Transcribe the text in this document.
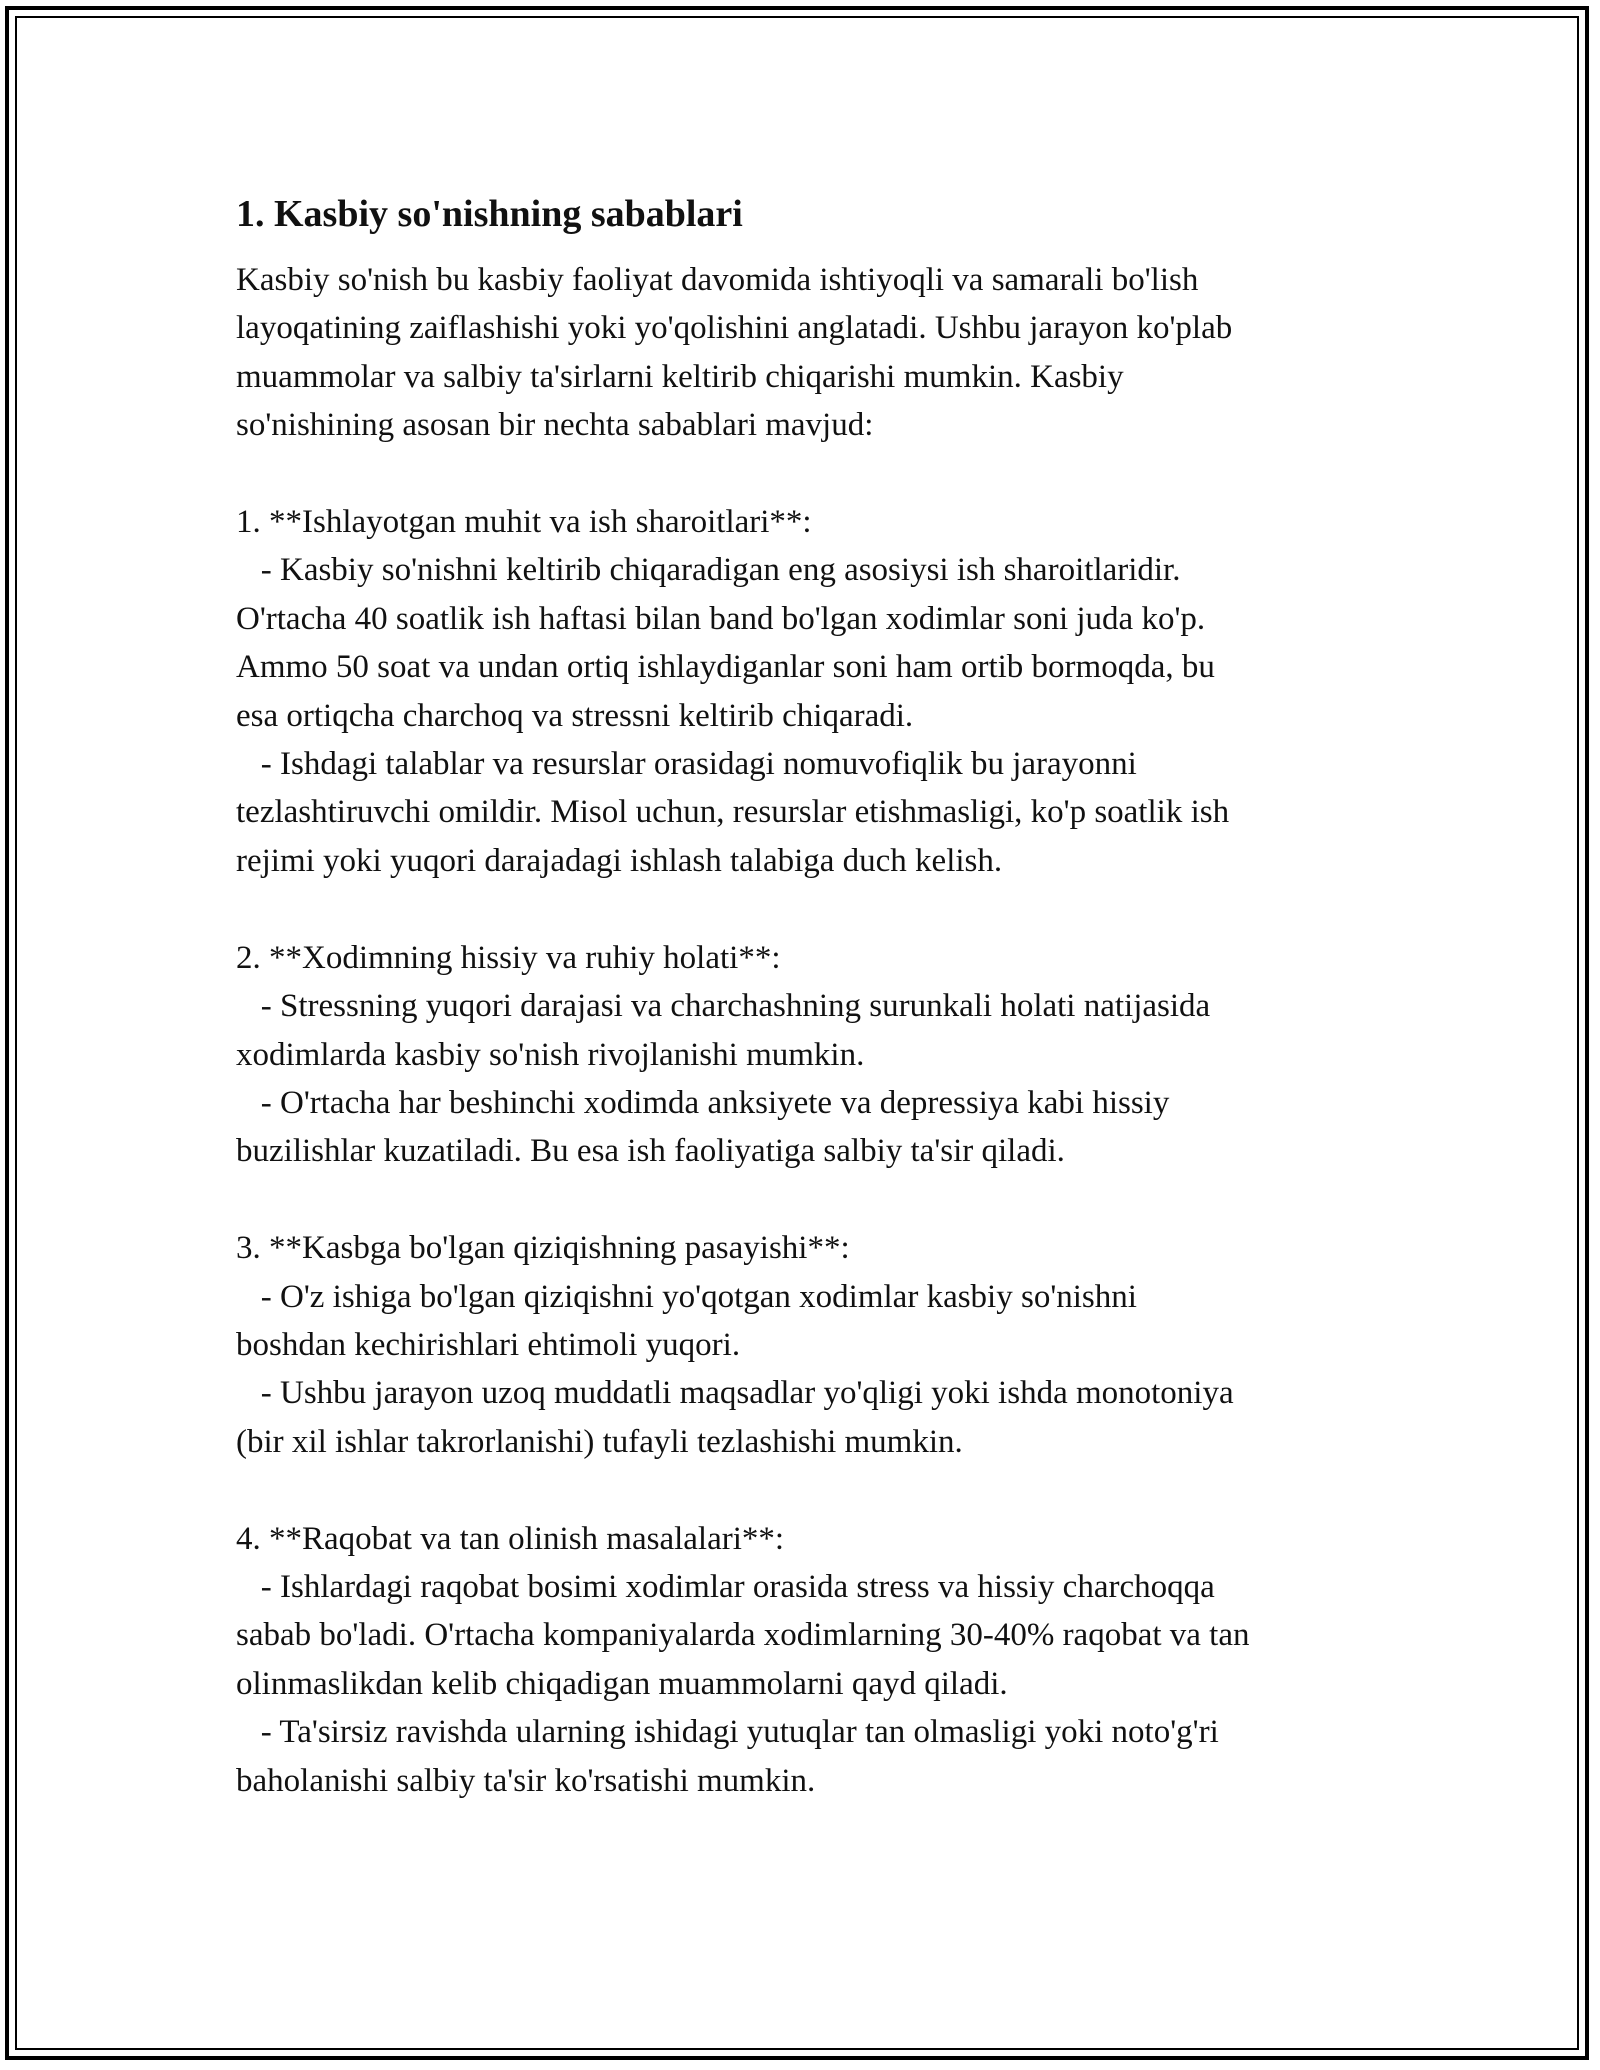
1. Kasbiy so'nishning sabablari

Kasbiy so'nish bu kasbiy faoliyat davomida ishtiyoqli va samarali bo'lish
layoqatining zaiflashishi yoki yo'qolishini anglatadi. Ushbu jarayon ko'plab
muammolar va salbiy ta'sirlarni keltirib chiqarishi mumkin. Kasbiy
so'nishining asosan bir nechta sabablari mavjud:

1. **Ishlayotgan muhit va ish sharoitlari**:
- Kasbiy so'nishni keltirib chiqaradigan eng asosiysi ish sharoitlaridir.
O'rtacha 40 soatlik ish haftasi bilan band bo'lgan xodimlar soni juda ko'p.
Ammo 50 soat va undan ortiq ishlaydiganlar soni ham ortib bormoqda, bu
esa ortiqcha charchoq va stressni keltirib chiqaradi.
- Ishdagi talablar va resurslar orasidagi nomuvofiqlik bu jarayonni
tezlashtiruvchi omildir. Misol uchun, resurslar etishmasligi, ko'p soatlik ish
rejimi yoki yuqori darajadagi ishlash talabiga duch kelish.

2. **Xodimning hissiy va ruhiy holati**:
- Stressning yuqori darajasi va charchashning surunkali holati natijasida
xodimlarda kasbiy so'nish rivojlanishi mumkin.
- O'rtacha har beshinchi xodimda anksiyete va depressiya kabi hissiy
buzilishlar kuzatiladi. Bu esa ish faoliyatiga salbiy ta'sir qiladi.

3. **Kasbga bo'lgan qiziqishning pasayishi**:
- O'z ishiga bo'lgan qiziqishni yo'qotgan xodimlar kasbiy so'nishni
boshdan kechirishlari ehtimoli yuqori.
- Ushbu jarayon uzoq muddatli maqsadlar yo'qligi yoki ishda monotoniya
(bir xil ishlar takrorlanishi) tufayli tezlashishi mumkin.

4. **Raqobat va tan olinish masalalari**:
- Ishlardagi raqobat bosimi xodimlar orasida stress va hissiy charchoqqa
sabab bo'ladi. O'rtacha kompaniyalarda xodimlarning 30-40% raqobat va tan
olinmaslikdan kelib chiqadigan muammolarni qayd qiladi.
- Ta'sirsiz ravishda ularning ishidagi yutuqlar tan olmasligi yoki noto'g'ri
baholanishi salbiy ta'sir ko'rsatishi mumkin.
